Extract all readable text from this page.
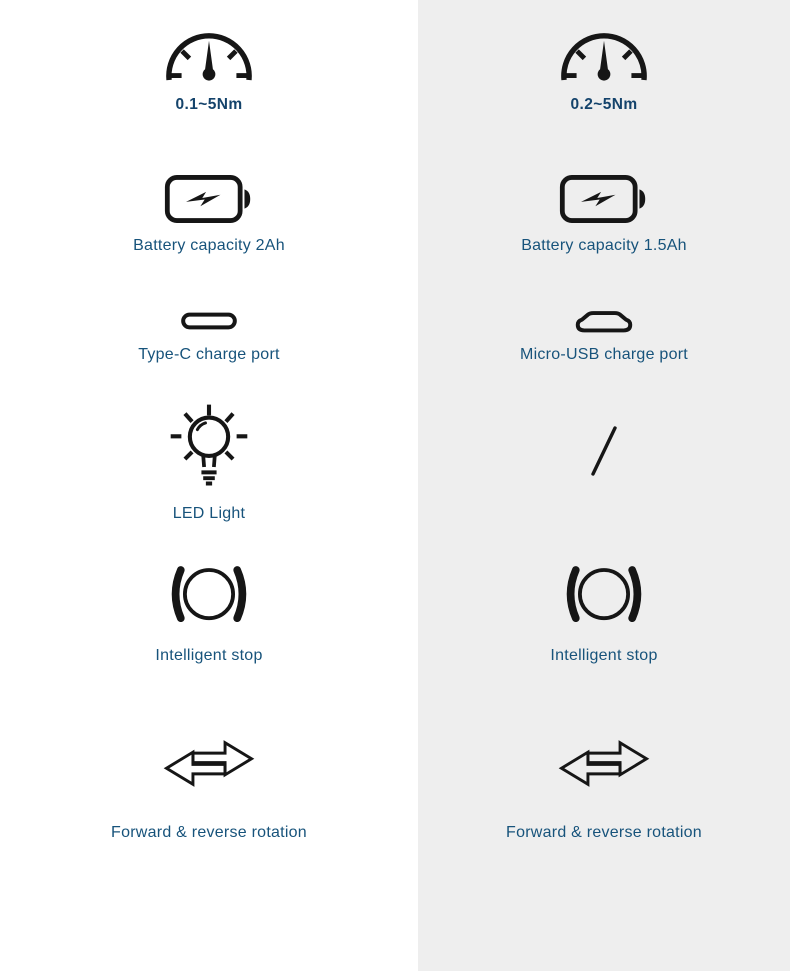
0.1~5Nm	0.2~5Nm
Battery capacity 2Ah	Battery capacity 1.5Ah
Type-C charge port	Micro-USB charge port
LED Light
Intelligent stop	Intelligent stop
Forward & reverse rotation	Forward & reverse rotation
